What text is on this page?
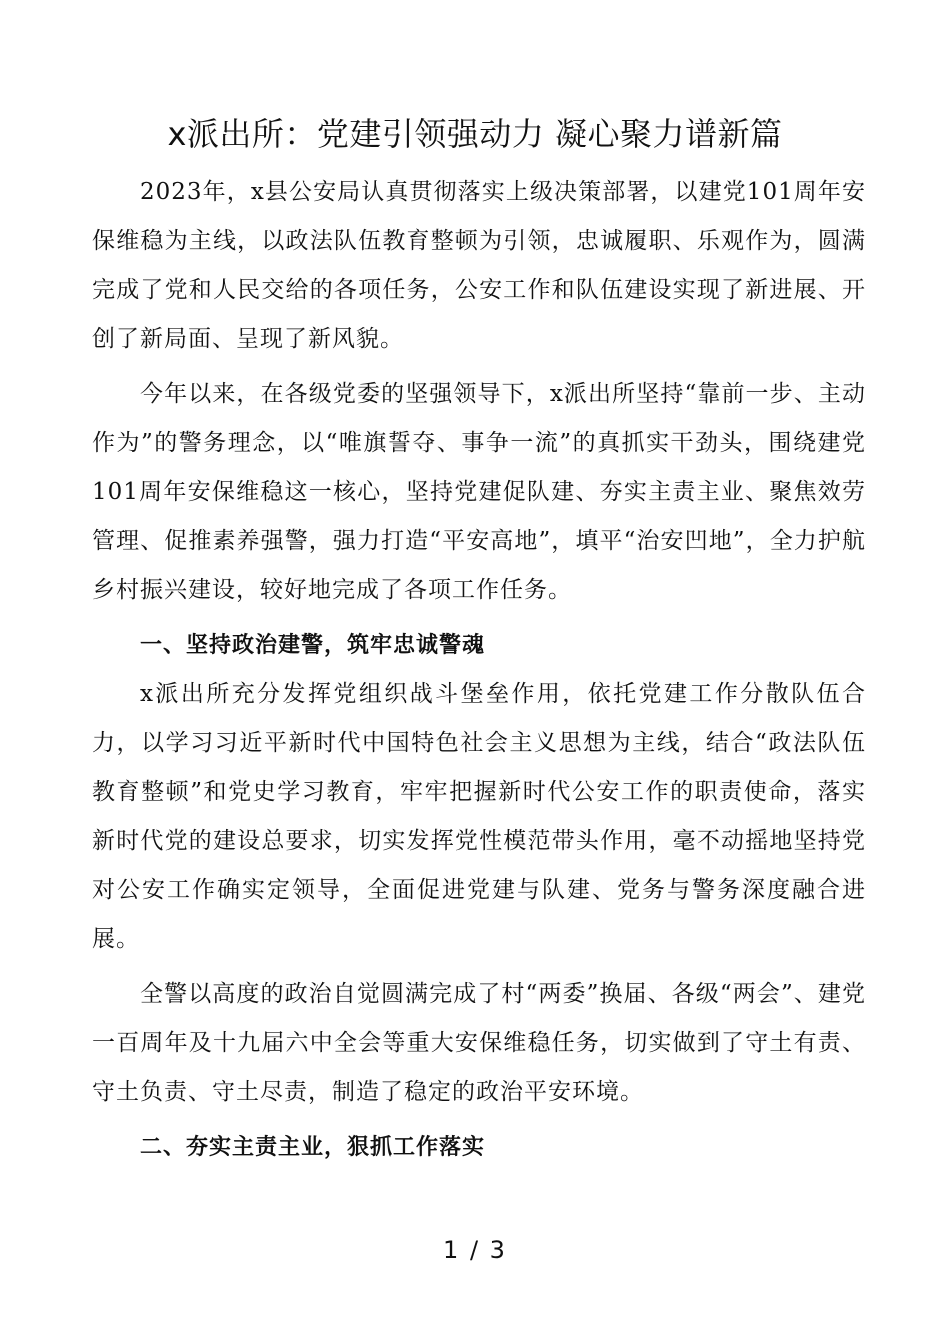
x派出所：党建引领强动力 凝心聚力谱新篇

2023年，x县公安局认真贯彻落实上级决策部署，以建党101周年安保维稳为主线，以政法队伍教育整顿为引领，忠诚履职、乐观作为，圆满完成了党和人民交给的各项任务，公安工作和队伍建设实现了新进展、开创了新局面、呈现了新风貌。

今年以来，在各级党委的坚强领导下，x派出所坚持“靠前一步、主动作为”的警务理念，以“唯旗誓夺、事争一流”的真抓实干劲头，围绕建党101周年安保维稳这一核心，坚持党建促队建、夯实主责主业、聚焦效劳管理、促推素养强警，强力打造“平安高地”，填平“治安凹地”，全力护航乡村振兴建设，较好地完成了各项工作任务。

一、坚持政治建警，筑牢忠诚警魂

x派出所充分发挥党组织战斗堡垒作用，依托党建工作分散队伍合力，以学习习近平新时代中国特色社会主义思想为主线，结合“政法队伍教育整顿”和党史学习教育，牢牢把握新时代公安工作的职责使命，落实新时代党的建设总要求，切实发挥党性模范带头作用，毫不动摇地坚持党对公安工作确实定领导，全面促进党建与队建、党务与警务深度融合进展。

全警以高度的政治自觉圆满完成了村“两委”换届、各级“两会”、建党一百周年及十九届六中全会等重大安保维稳任务，切实做到了守土有责、守土负责、守土尽责，制造了稳定的政治平安环境。

二、夯实主责主业，狠抓工作落实

1 / 3
